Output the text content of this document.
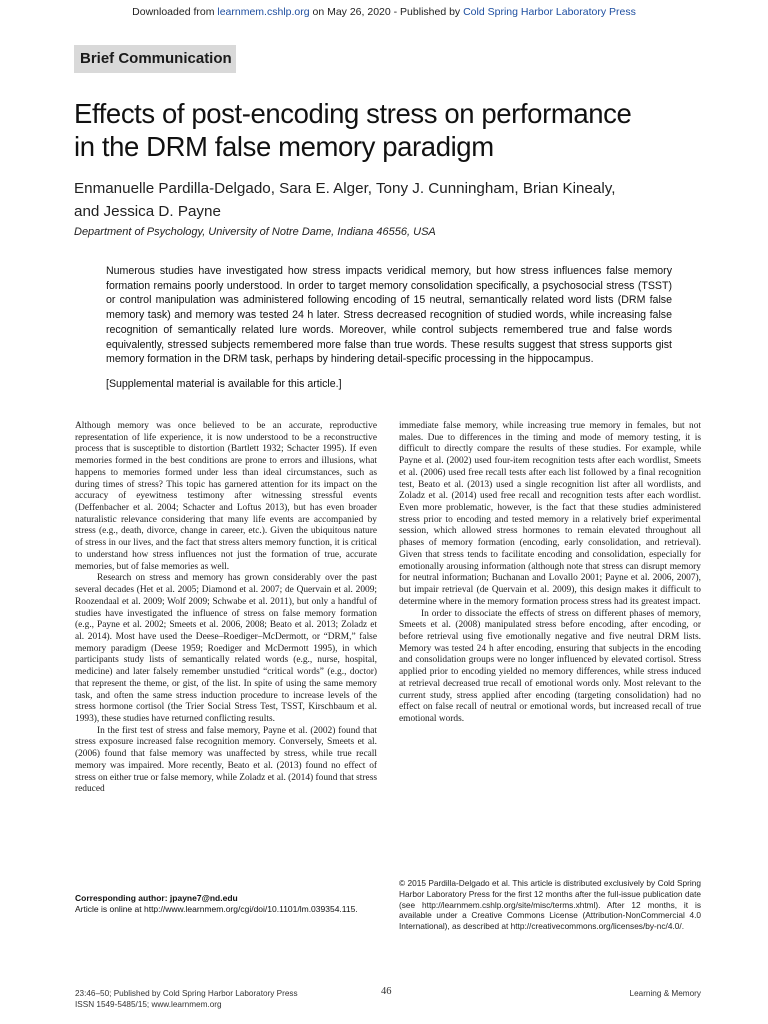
Downloaded from learnmem.cshlp.org on May 26, 2020 - Published by Cold Spring Harbor Laboratory Press
Brief Communication
Effects of post-encoding stress on performance
in the DRM false memory paradigm
Enmanuelle Pardilla-Delgado, Sara E. Alger, Tony J. Cunningham, Brian Kinealy,
and Jessica D. Payne
Department of Psychology, University of Notre Dame, Indiana 46556, USA
Numerous studies have investigated how stress impacts veridical memory, but how stress influences false memory formation remains poorly understood. In order to target memory consolidation specifically, a psychosocial stress (TSST) or control manipulation was administered following encoding of 15 neutral, semantically related word lists (DRM false memory task) and memory was tested 24 h later. Stress decreased recognition of studied words, while increasing false recognition of semantically related lure words. Moreover, while control subjects remembered true and false words equivalently, stressed subjects remembered more false than true words. These results suggest that stress supports gist memory formation in the DRM task, perhaps by hindering detail-specific processing in the hippocampus.
[Supplemental material is available for this article.]

Although memory was once believed to be an accurate, reproductive representation of life experience, it is now understood to be a reconstructive process that is susceptible to distortion (Bartlett 1932; Schacter 1995). If even memories formed in the best conditions are prone to errors and illusions, what happens to memories formed under less than ideal circumstances, such as during times of stress? This topic has garnered attention for its impact on the accuracy of eyewitness testimony after witnessing stressful events (Deffenbacher et al. 2004; Schacter and Loftus 2013), but has even broader naturalistic relevance considering that many life events are accompanied by stress (e.g., death, divorce, change in career, etc.). Given the ubiquitous nature of stress in our lives, and the fact that stress alters memory function, it is critical to understand how stress influences not just the formation of true, accurate memories, but of false memories as well.

Research on stress and memory has grown considerably over the past several decades (Het et al. 2005; Diamond et al. 2007; de Quervain et al. 2009; Roozendaal et al. 2009; Wolf 2009; Schwabe et al. 2011), but only a handful of studies have investigated the influence of stress on false memory formation (e.g., Payne et al. 2002; Smeets et al. 2006, 2008; Beato et al. 2013; Zoladz et al. 2014). Most have used the Deese–Roediger–McDermott, or “DRM,” false memory paradigm (Deese 1959; Roediger and McDermott 1995), in which participants study lists of semantically related words (e.g., nurse, hospital, medicine) and later falsely remember unstudied “critical words” (e.g., doctor) that represent the theme, or gist, of the list. In spite of using the same memory task, and often the same stress induction procedure to increase levels of the stress hormone cortisol (the Trier Social Stress Test, TSST, Kirschbaum et al. 1993), these studies have returned conflicting results.

In the first test of stress and false memory, Payne et al. (2002) found that stress exposure increased false recognition memory. Conversely, Smeets et al. (2006) found that false memory was unaffected by stress, while true recall memory was impaired. More recently, Beato et al. (2013) found no effect of stress on either true or false memory, while Zoladz et al. (2014) found that stress reduced

immediate false memory, while increasing true memory in females, but not males. Due to differences in the timing and mode of memory testing, it is difficult to directly compare the results of these studies. For example, while Payne et al. (2002) used four-item recognition tests after each wordlist, Smeets et al. (2006) used free recall tests after each list followed by a final recognition test, Beato et al. (2013) used a single recognition list after all wordlists, and Zoladz et al. (2014) used free recall and recognition tests after each wordlist. Even more problematic, however, is the fact that these studies administered stress prior to encoding and tested memory in a relatively brief experimental session, which allowed stress hormones to remain elevated throughout all phases of memory formation (encoding, early consolidation, and retrieval). Given that stress tends to facilitate encoding and consolidation, especially for emotionally arousing information (although note that stress can disrupt memory for neutral information; Buchanan and Lovallo 2001; Payne et al. 2006, 2007), but impair retrieval (de Quervain et al. 2009), this design makes it difficult to determine where in the memory formation process stress had its greatest impact.

In order to dissociate the effects of stress on different phases of memory, Smeets et al. (2008) manipulated stress before encoding, after encoding, or before retrieval using five emotionally negative and five neutral DRM lists. Memory was tested 24 h after encoding, ensuring that subjects in the encoding and consolidation groups were no longer influenced by elevated cortisol. Stress applied prior to encoding yielded no memory differences, while stress induced at retrieval decreased true recall of emotional words only. Most relevant to the current study, stress applied after encoding (targeting consolidation) had no effect on false recall of neutral or emotional words, but increased recall of true emotional words.

Corresponding author: jpayne7@nd.edu
Article is online at http://www.learnmem.org/cgi/doi/10.1101/lm.039354.115.
© 2015 Pardilla-Delgado et al. This article is distributed exclusively by Cold Spring Harbor Laboratory Press for the first 12 months after the full-issue publication date (see http://learnmem.cshlp.org/site/misc/terms.xhtml). After 12 months, it is available under a Creative Commons License (Attribution-NonCommercial 4.0 International), as described at http://creativecommons.org/licenses/by-nc/4.0/.
23:46–50; Published by Cold Spring Harbor Laboratory Press
ISSN 1549-5485/15; www.learnmem.org
46	Learning & Memory
